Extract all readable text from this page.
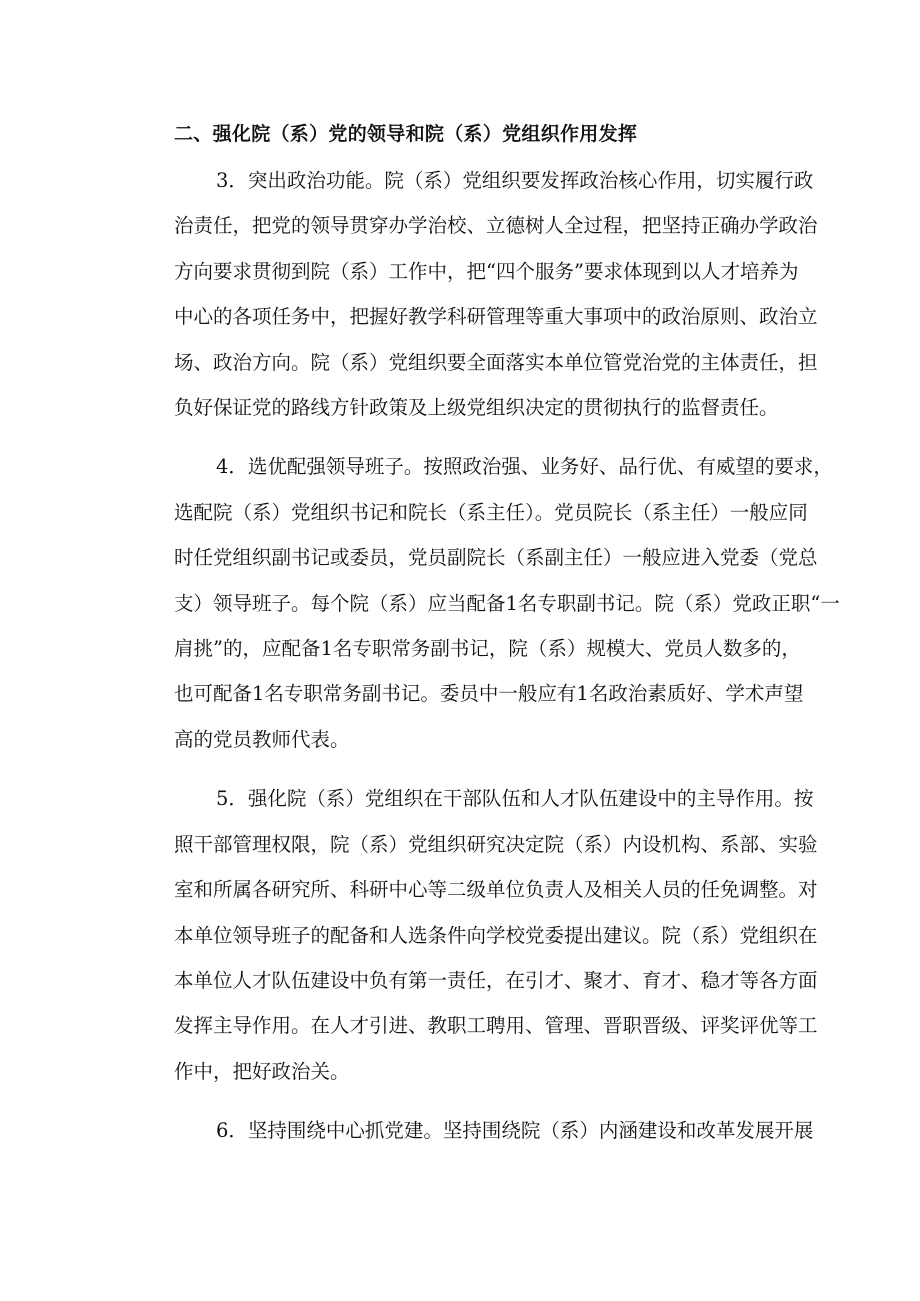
二、强化院（系）党的领导和院（系）党组织作用发挥

3．突出政治功能。院（系）党组织要发挥政治核心作用，切实履行政
治责任，把党的领导贯穿办学治校、立德树人全过程，把坚持正确办学政治
方向要求贯彻到院（系）工作中，把“四个服务”要求体现到以人才培养为
中心的各项任务中，把握好教学科研管理等重大事项中的政治原则、政治立
场、政治方向。院（系）党组织要全面落实本单位管党治党的主体责任，担
负好保证党的路线方针政策及上级党组织决定的贯彻执行的监督责任。

4．选优配强领导班子。按照政治强、业务好、品行优、有威望的要求，
选配院（系）党组织书记和院长（系主任）。党员院长（系主任）一般应同
时任党组织副书记或委员，党员副院长（系副主任）一般应进入党委（党总
支）领导班子。每个院（系）应当配备1名专职副书记。院（系）党政正职“一
肩挑”的，应配备1名专职常务副书记，院（系）规模大、党员人数多的，
也可配备1名专职常务副书记。委员中一般应有1名政治素质好、学术声望
高的党员教师代表。

5．强化院（系）党组织在干部队伍和人才队伍建设中的主导作用。按
照干部管理权限，院（系）党组织研究决定院（系）内设机构、系部、实验
室和所属各研究所、科研中心等二级单位负责人及相关人员的任免调整。对
本单位领导班子的配备和人选条件向学校党委提出建议。院（系）党组织在
本单位人才队伍建设中负有第一责任，在引才、聚才、育才、稳才等各方面
发挥主导作用。在人才引进、教职工聘用、管理、晋职晋级、评奖评优等工
作中，把好政治关。

6．坚持围绕中心抓党建。坚持围绕院（系）内涵建设和改革发展开展
